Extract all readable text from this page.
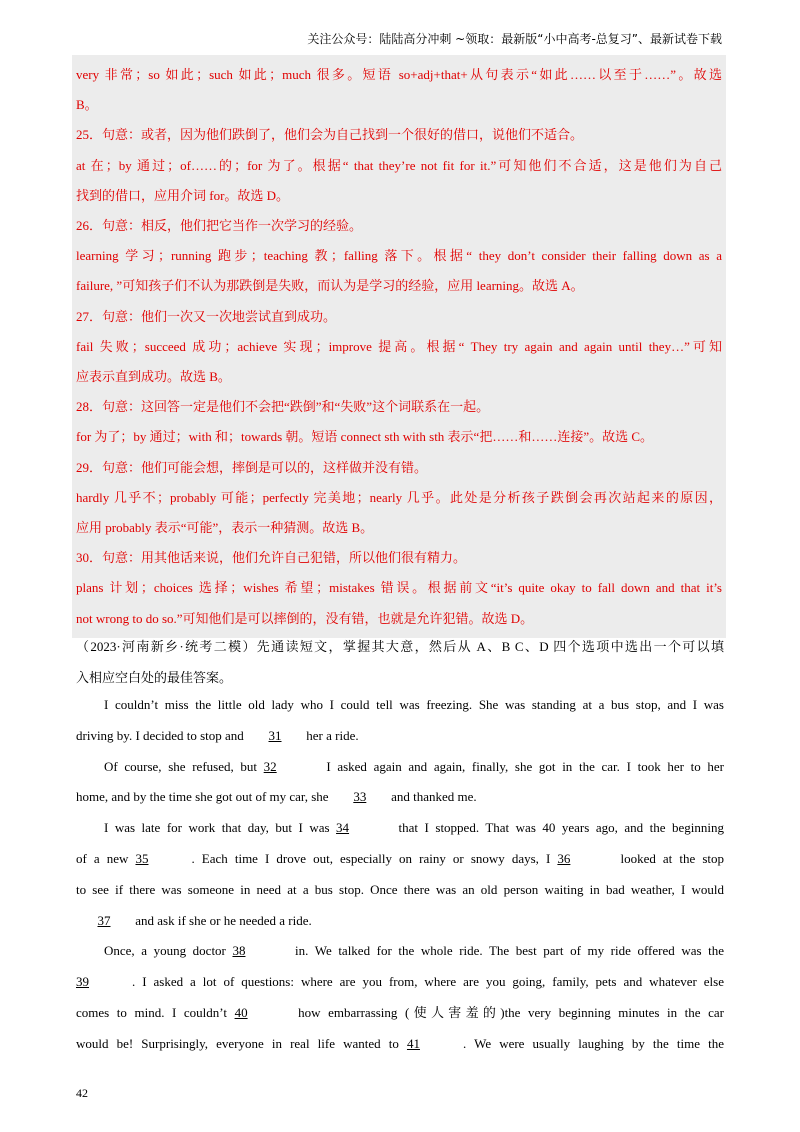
关注公众号：陆陆高分冲刺 ~领取：最新版“小中高考-总复习”、最新试卷下载
very 非常；so 如此；such 如此；much 很多。短语 so+adj+that+从句表示“如此……以至于……”。故选
B。
25．句意：或者，因为他们跌倒了，他们会为自己找到一个很好的借口，说他们不适合。
at 在；by 通过；of……的；for 为了。根据“ that they’re not fit for it.”可知他们不合适，这是他们为自己
找到的借口，应用介词 for。故选 D。
26．句意：相反，他们把它当作一次学习的经验。
learning 学习；running 跑步；teaching 教；falling 落下。根据“ they don’t consider their falling down as a
failure, ”可知孩子们不认为那跌倒是失败，而认为是学习的经验，应用 learning。故选 A。
27．句意：他们一次又一次地尝试直到成功。
fail 失败；succeed 成功；achieve 实现；improve 提高。根据“ They try again and again until they…”可知
应表示直到成功。故选 B。
28．句意：这回答一定是他们不会把“跌倒”和“失败”这个词联系在一起。
for 为了；by 通过；with 和；towards 朝。短语 connect sth with sth 表示“把……和……连接”。故选 C。
29．句意：他们可能会想，摔倒是可以的，这样做并没有错。
hardly 几乎不；probably 可能；perfectly 完美地；nearly 几乎。此处是分析孩子跌倒会再次站起来的原因，
应用 probably 表示“可能”，表示一种猜测。故选 B。
30．句意：用其他话来说，他们允许自己犯错，所以他们很有精力。
plans 计划；choices 选择；wishes 希望；mistakes 错误。根据前文“it’s quite okay to fall down and that it’s
not wrong to do so.”可知他们是可以摔倒的，没有错，也就是允许犯错。故选 D。
（2023·河南新乡·统考二模）先通读短文，掌握其大意，然后从 A、B C、D 四个选项中选出一个可以填
入相应空白处的最佳答案。
I couldn’t miss the little old lady who I could tell was freezing. She was standing at a bus stop, and I was
driving by. I decided to stop and 31 her a ride.
Of course, she refused, but 32	I asked again and again, finally, she got in the car. I took her to her
home, and by the time she got out of my car, she 33 and thanked me.
I was late for work that day, but I was 34	that I stopped. That was 40 years ago, and the beginning
of a new 35	. Each time I drove out, especially on rainy or snowy days, I 36	looked at the stop
to see if there was someone in need at a bus stop. Once there was an old person waiting in bad weather, I would
37 and ask if she or he needed a ride.
Once, a young doctor 38	in. We talked for the whole ride. The best part of my ride offered was the
39	. I asked a lot of questions: where are you from, where are you going, family, pets and whatever else
comes to mind. I couldn’t 40	how embarrassing (使人害羞的)the very beginning minutes in the car
would be! Surprisingly, everyone in real life wanted to 41	. We were usually laughing by the time the
42
